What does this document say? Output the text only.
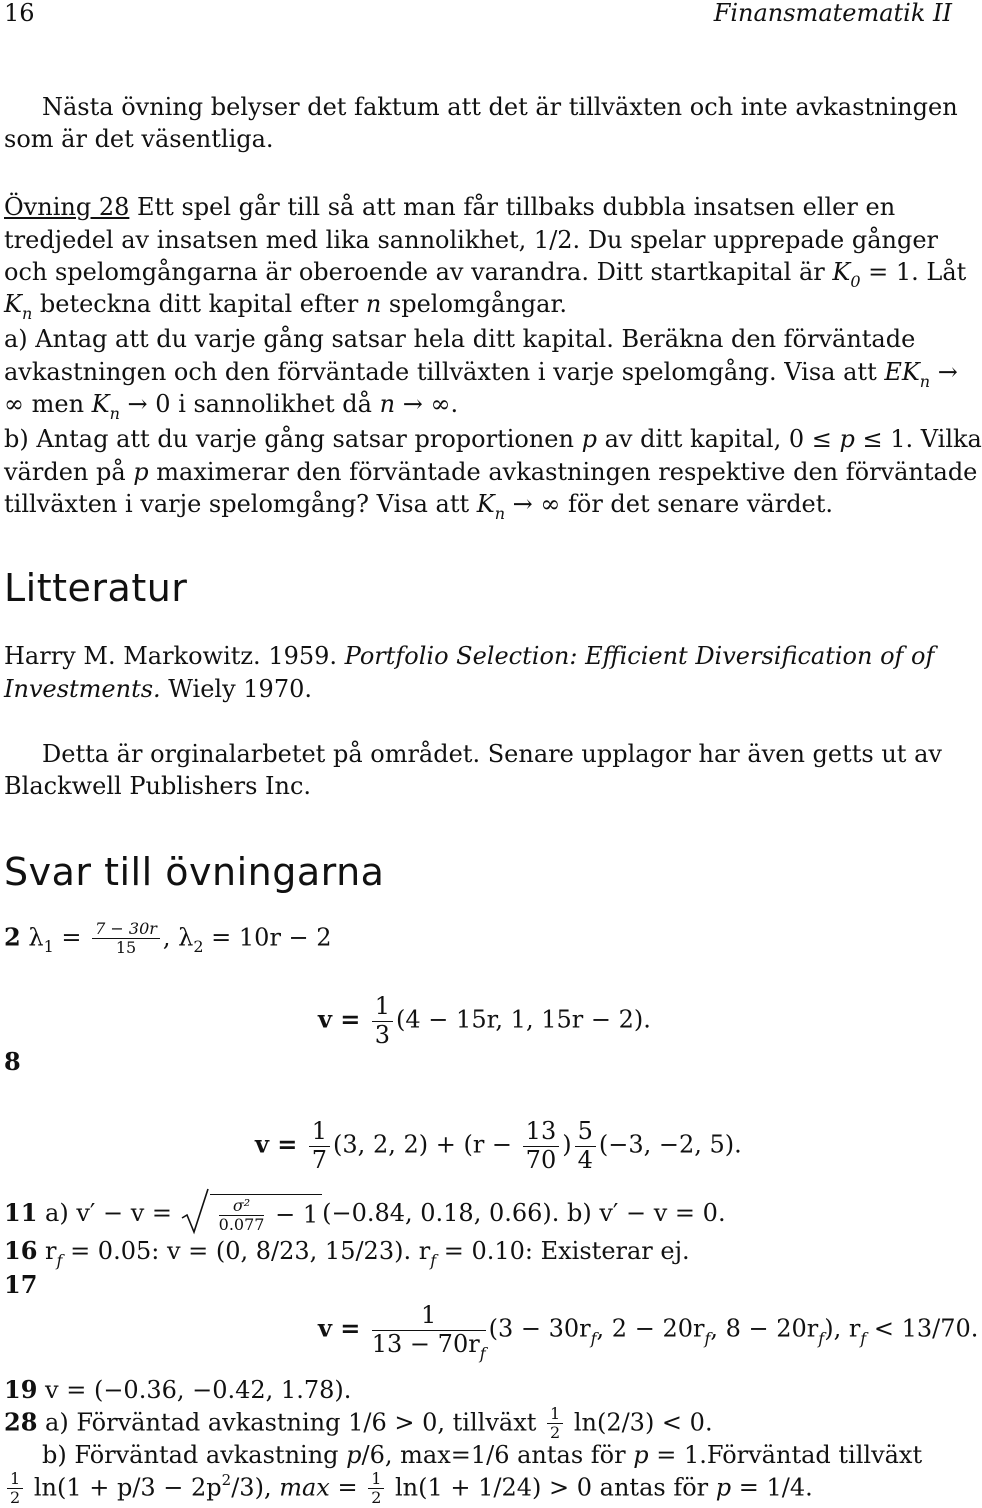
16	Finansmatematik II
Nästa övning belyser det faktum att det är tillväxten och inte avkastningen
som är det väsentliga.
Övning 28 Ett spel går till så att man får tillbaks dubbla insatsen eller en
tredjedel av insatsen med lika sannolikhet, 1/2. Du spelar upprepade gånger
och spelomgångarna är oberoende av varandra. Ditt startkapital är $K_0 = 1$. Låt
$K_n$ beteckna ditt kapital efter n spelomgångar.
a) Antag att du varje gång satsar hela ditt kapital. Beräkna den förväntade
avkastningen och den förväntade tillväxten i varje spelomgång. Visa att $EK_n$ →
∞ men $K_n \to 0$ i sannolikhet då n → ∞.
b) Antag att du varje gång satsar proportionen p av ditt kapital, 0 ≤ p ≤ 1. Vilka
värden på p maximerar den förväntade avkastningen respektive den förväntade
tillväxten i varje spelomgång? Visa att $K_n$ → ∞ för det senare värdet.
Litteratur
Harry M. Markowitz. 1959. Portfolio Selection: Efficient Diversification of of
Investments. Wiely 1970.
Detta är orginalarbetet på området. Senare upplagor har även getts ut av
Blackwell Publishers Inc.
Svar till övningarna
2 $\lambda_1 = \frac{7 - 30r}{15}$ , $\lambda_2 = 10r - 2$
8
$v = \frac{1}{3} (4 - 15r$, 1, 15r − 2).
$v = \frac{1}{7} (3$, 2, $2) + (r - \frac{13}{70}$ ) $\frac{5}{4} (-3$, −2, 5).
11 a) $v' - v = \frac{\text{σ²}}{0.077} - 1$ (−0.84, 0.18, 0.66). b) v′ − v = 0.
16 $r_f = 0.05$: v = (0, 8/23, 15/23). $r_f = 0.10$: Existerar ej.
17
$v = \frac{1}{13 - 70r_f} (3 - 30r_f$, $2 - 20r_f$, $8 - 20r_f$), $r_f < 13/70$.
19 v = (−0.36, −0.42, 1.78).
28 a) Förväntad avkastning 1/6 > 0, tillväxt $\frac{1}{2} \ln(2/3) < 0$.
b) Förväntad avkastning p/6, max=1/6 antas för p = 1.Förväntad tillväxt
$\frac{1}{2} \ln(1 + p/3 - 2p^2/3)$, $\max = \frac{1}{2} \ln(1 + 1/24) > 0$ antas för p = 1/4.
